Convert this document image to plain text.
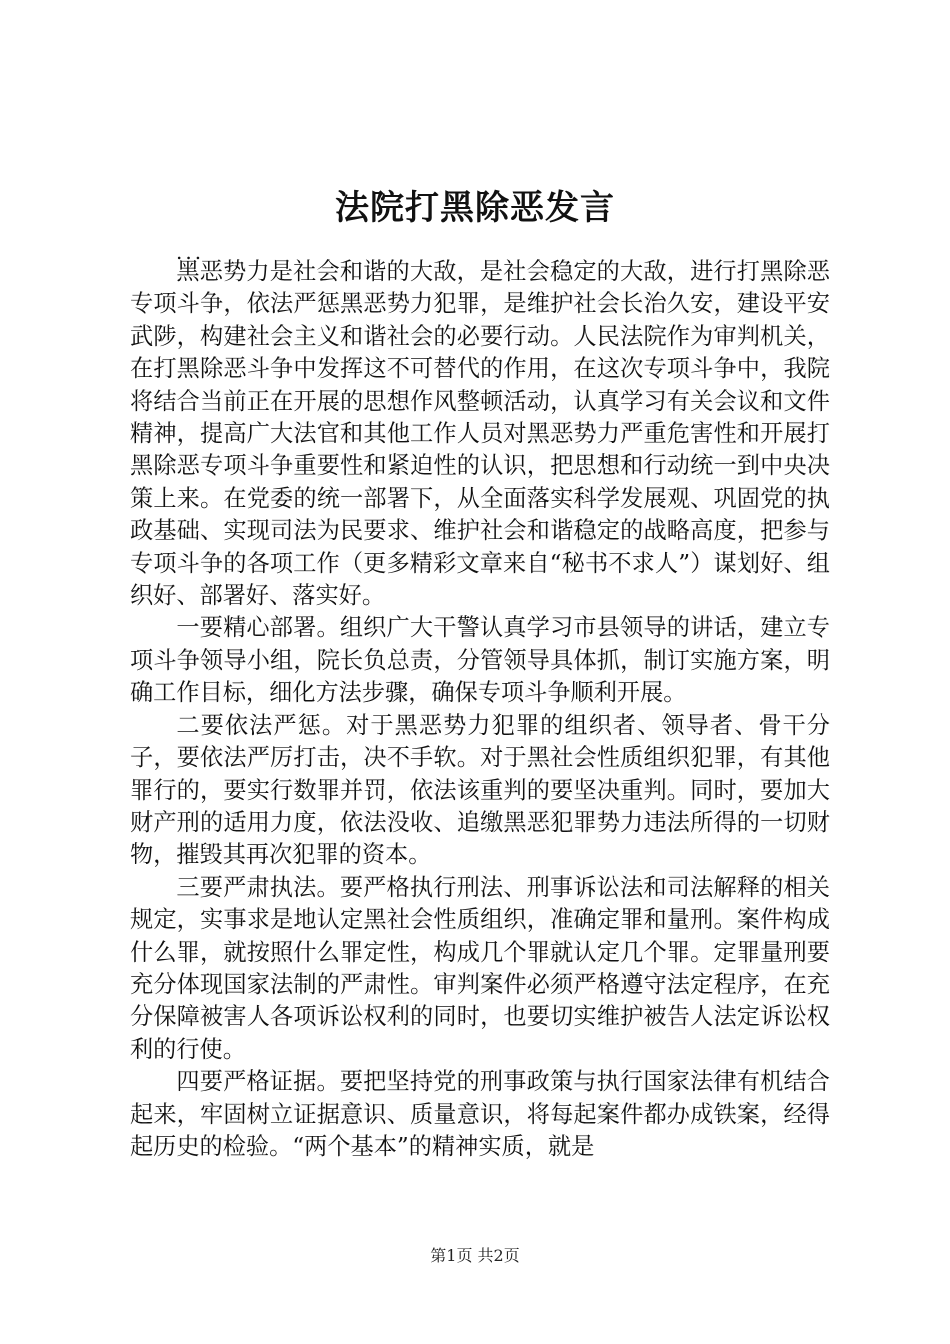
法院打黑除恶发言
...

黑恶势力是社会和谐的大敌，是社会稳定的大敌，进行打黑除恶专项斗争，依法严惩黑恶势力犯罪，是维护社会长治久安，建设平安武陟，构建社会主义和谐社会的必要行动。人民法院作为审判机关，在打黑除恶斗争中发挥这不可替代的作用，在这次专项斗争中，我院将结合当前正在开展的思想作风整顿活动，认真学习有关会议和文件精神，提高广大法官和其他工作人员对黑恶势力严重危害性和开展打黑除恶专项斗争重要性和紧迫性的认识，把思想和行动统一到中央决策上来。在党委的统一部署下，从全面落实科学发展观、巩固党的执政基础、实现司法为民要求、维护社会和谐稳定的战略高度，把参与专项斗争的各项工作（更多精彩文章来自“秘书不求人”）谋划好、组织好、部署好、落实好。

一要精心部署。组织广大干警认真学习市县领导的讲话，建立专项斗争领导小组，院长负总责，分管领导具体抓，制订实施方案，明确工作目标，细化方法步骤，确保专项斗争顺利开展。

二要依法严惩。对于黑恶势力犯罪的组织者、领导者、骨干分子，要依法严厉打击，决不手软。对于黑社会性质组织犯罪，有其他罪行的，要实行数罪并罚，依法该重判的要坚决重判。同时，要加大财产刑的适用力度，依法没收、追缴黑恶犯罪势力违法所得的一切财物，摧毁其再次犯罪的资本。

三要严肃执法。要严格执行刑法、刑事诉讼法和司法解释的相关规定，实事求是地认定黑社会性质组织，准确定罪和量刑。案件构成什么罪，就按照什么罪定性，构成几个罪就认定几个罪。定罪量刑要充分体现国家法制的严肃性。审判案件必须严格遵守法定程序，在充分保障被害人各项诉讼权利的同时，也要切实维护被告人法定诉讼权利的行使。

四要严格证据。要把坚持党的刑事政策与执行国家法律有机结合起来，牢固树立证据意识、质量意识，将每起案件都办成铁案，经得起历史的检验。“两个基本”的精神实质，就是

第1页 共2页
